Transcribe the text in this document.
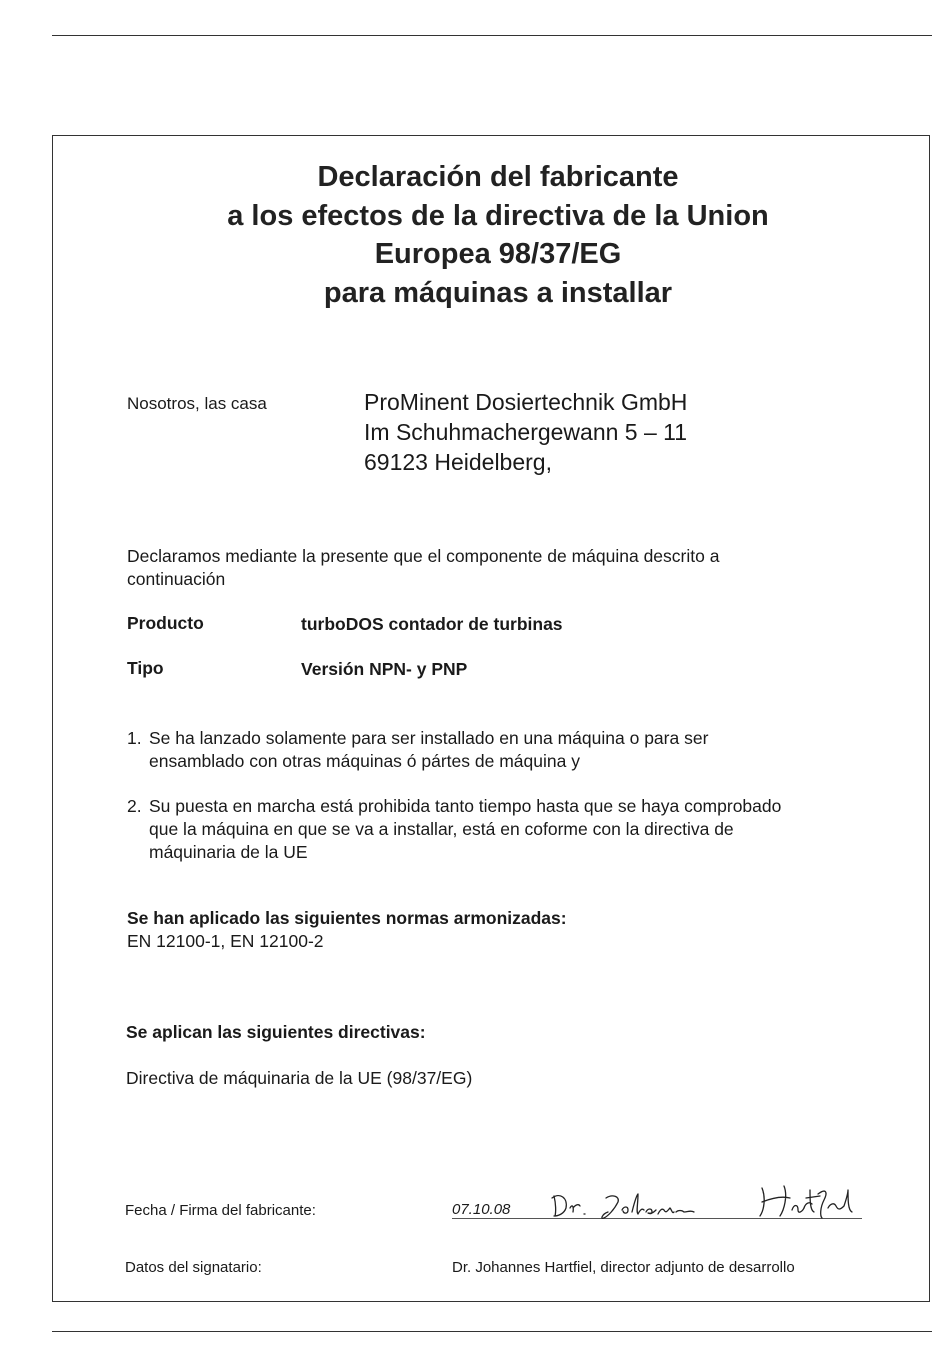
Declaración del fabricante
a los efectos de la directiva de la Union
Europea 98/37/EG
para máquinas a installar
Nosotros, las casa	ProMinent Dosiertechnik GmbH
Im Schuhmachergewann 5 – 11
69123 Heidelberg,
Declaramos mediante la presente que el componente de máquina descrito a
continuación
Producto	turboDOS contador de turbinas
Tipo	Versión NPN- y PNP
1. Se ha lanzado solamente para ser installado en una máquina o para ser
ensamblado con otras máquinas ó pártes de máquina y
2. Su puesta en marcha está prohibida tanto tiempo hasta que se haya comprobado
que la máquina en que se va a installar, está en coformе con la directiva de
máquinaria de la UE
Se han aplicado las siguientes normas armonizadas:
EN 12100-1, EN 12100-2
Se aplican las siguientes directivas:
Directiva de máquinaria de la UE (98/37/EG)
Fecha / Firma del fabricante:	07.10.08
Datos del signatario:	Dr. Johannes Hartfiel, director adjunto de desarrollo
